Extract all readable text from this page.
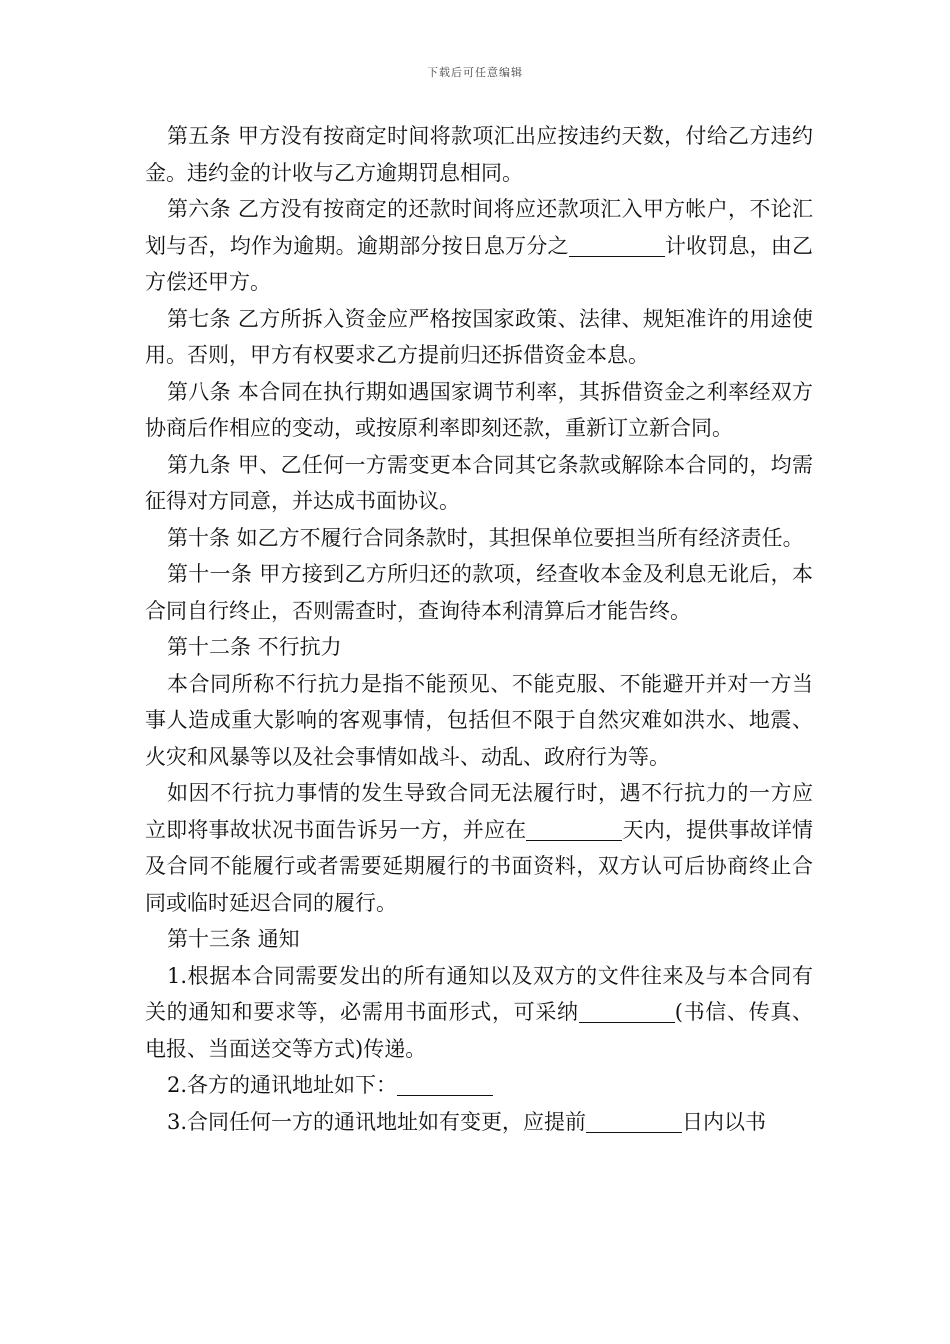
下载后可任意编辑

第五条 甲方没有按商定时间将款项汇出应按违约天数，付给乙方违约金。违约金的计收与乙方逾期罚息相同。

第六条 乙方没有按商定的还款时间将应还款项汇入甲方帐户，不论汇划与否，均作为逾期。逾期部分按日息万分之	计收罚息，由乙方偿还甲方。

第七条 乙方所拆入资金应严格按国家政策、法律、规矩准许的用途使用。否则，甲方有权要求乙方提前归还拆借资金本息。

第八条 本合同在执行期如遇国家调节利率，其拆借资金之利率经双方协商后作相应的变动，或按原利率即刻还款，重新订立新合同。

第九条 甲、乙任何一方需变更本合同其它条款或解除本合同的，均需征得对方同意，并达成书面协议。

第十条 如乙方不履行合同条款时，其担保单位要担当所有经济责任。

第十一条 甲方接到乙方所归还的款项，经查收本金及利息无讹后，本合同自行终止，否则需查时，查询待本利清算后才能告终。

第十二条 不行抗力

本合同所称不行抗力是指不能预见、不能克服、不能避开并对一方当事人造成重大影响的客观事情，包括但不限于自然灾难如洪水、地震、火灾和风暴等以及社会事情如战斗、动乱、政府行为等。

如因不行抗力事情的发生导致合同无法履行时，遇不行抗力的一方应立即将事故状况书面告诉另一方，并应在	天内，提供事故详情及合同不能履行或者需要延期履行的书面资料，双方认可后协商终止合同或临时延迟合同的履行。

第十三条 通知

1.根据本合同需要发出的所有通知以及双方的文件往来及与本合同有关的通知和要求等，必需用书面形式，可采纳	(书信、传真、电报、当面送交等方式)传递。

2.各方的通讯地址如下：

3.合同任何一方的通讯地址如有变更，应提前	日内以书
